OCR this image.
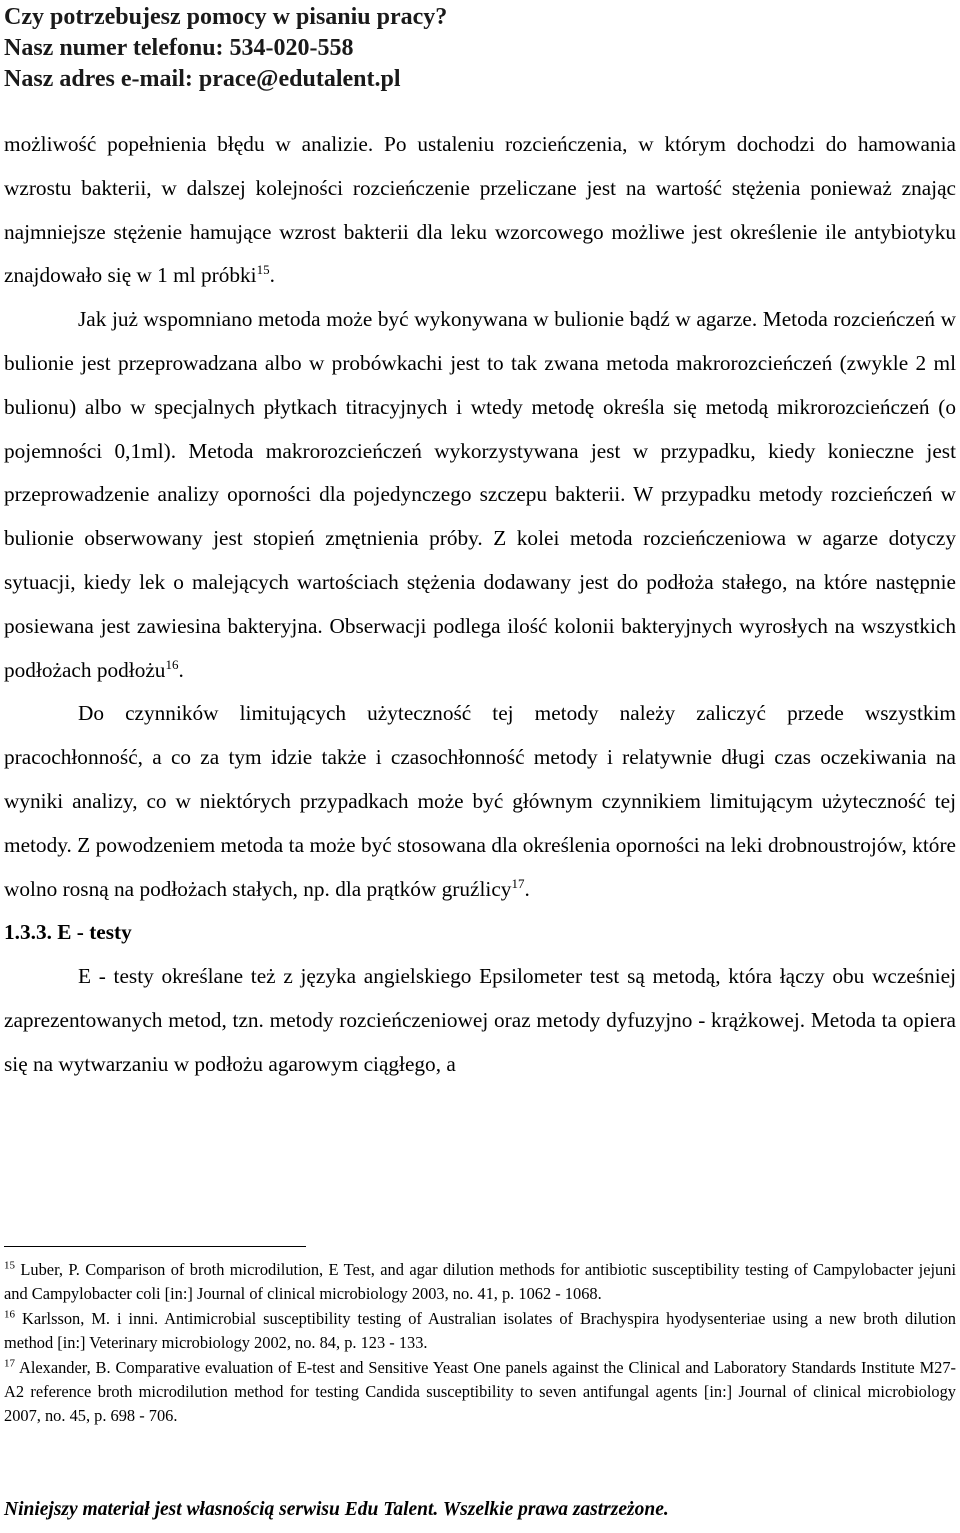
Czy potrzebujesz pomocy w pisaniu pracy?
Nasz numer telefonu: 534-020-558
Nasz adres e-mail: prace@edutalent.pl

możliwość popełnienia błędu w analizie. Po ustaleniu rozcieńczenia, w którym dochodzi do hamowania wzrostu bakterii, w dalszej kolejności rozcieńczenie przeliczane jest na wartość stężenia ponieważ znając najmniejsze stężenie hamujące wzrost bakterii dla leku wzorcowego możliwe jest określenie ile antybiotyku znajdowało się w 1 ml próbki$^{15}$.

Jak już wspomniano metoda może być wykonywana w bulionie bądź w agarze. Metoda rozcieńczeń w bulionie jest przeprowadzana albo w probówkachi jest to tak zwana metoda makrorozcieńczeń (zwykle 2 ml bulionu) albo w specjalnych płytkach titracyjnych i wtedy metodę określa się metodą mikrorozcieńczeń (o pojemności 0,1ml). Metoda makrorozcieńczeń wykorzystywana jest w przypadku, kiedy konieczne jest przeprowadzenie analizy oporności dla pojedynczego szczepu bakterii. W przypadku metody rozcieńczeń w bulionie obserwowany jest stopień zmętnienia próby. Z kolei metoda rozcieńczeniowa w agarze dotyczy sytuacji, kiedy lek o malejących wartościach stężenia dodawany jest do podłoża stałego, na które następnie posiewana jest zawiesina bakteryjna. Obserwacji podlega ilość kolonii bakteryjnych wyrosłych na wszystkich podłożach podłożu$^{16}$.

Do czynników limitujących użyteczność tej metody należy zaliczyć przede wszystkim pracochłonność, a co za tym idzie także i czasochłonność metody i relatywnie długi czas oczekiwania na wyniki analizy, co w niektórych przypadkach może być głównym czynnikiem limitującym użyteczność tej metody. Z powodzeniem metoda ta może być stosowana dla określenia oporności na leki drobnoustrojów, które wolno rosną na podłożach stałych, np. dla prątków gruźlicy$^{17}$.

1.3.3. E - testy

E - testy określane też z języka angielskiego Epsilometer test są metodą, która łączy obu wcześniej zaprezentowanych metod, tzn. metody rozcieńczeniowej oraz metody dyfuzyjno - krążkowej. Metoda ta opiera się na wytwarzaniu w podłożu agarowym ciągłego, a

$^{15}$ Luber, P. Comparison of broth microdilution, E Test, and agar dilution methods for antibiotic susceptibility testing of Campylobacter jejuni and Campylobacter coli [in:] Journal of clinical microbiology 2003, no. 41, p. 1062 - 1068.

$^{16}$ Karlsson, M. i inni. Antimicrobial susceptibility testing of Australian isolates of Brachyspira hyodysenteriae using a new broth dilution method [in:] Veterinary microbiology 2002, no. 84, p. 123 - 133.

$^{17}$ Alexander, B. Comparative evaluation of E-test and Sensitive Yeast One panels against the Clinical and Laboratory Standards Institute M27-A2 reference broth microdilution method for testing Candida susceptibility to seven antifungal agents [in:] Journal of clinical microbiology 2007, no. 45, p. 698 - 706.

Niniejszy materiał jest własnością serwisu Edu Talent. Wszelkie prawa zastrzeżone.
